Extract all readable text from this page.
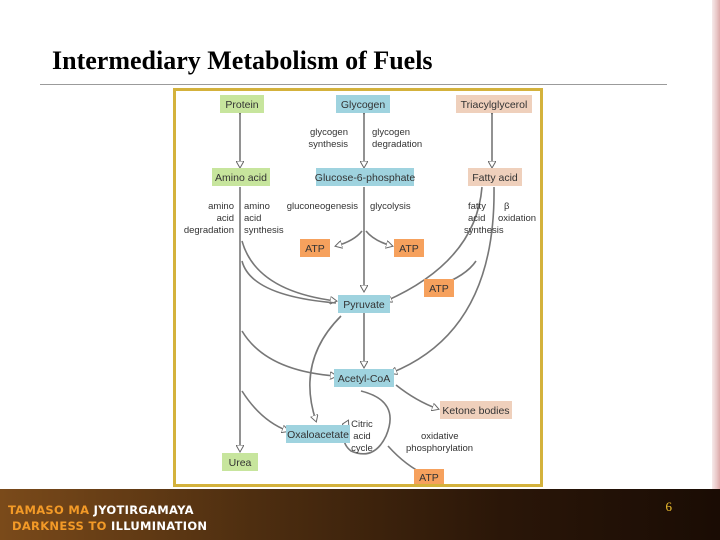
Intermediary Metabolism of Fuels
Protein	Glycogen	Triacylglycerol
Amino acid	Glucose-6-phosphate	Fatty acid
ATP	ATP
ATP
Pyruvate
Acetyl-CoA
Ketone bodies
Oxaloacetate
Urea
ATP
glycogen
synthesis
glycogen
degradation
amino
acid
degradation
amino
acid
synthesis
gluconeogenesis glycolysis	fatty
acid
synthesis
β
oxidation
Citric
acid
cycle
oxidative
phosphorylation
TAMASO MA JYOTIRGAMAYA
DARKNESS TO ILLUMINATION
6
